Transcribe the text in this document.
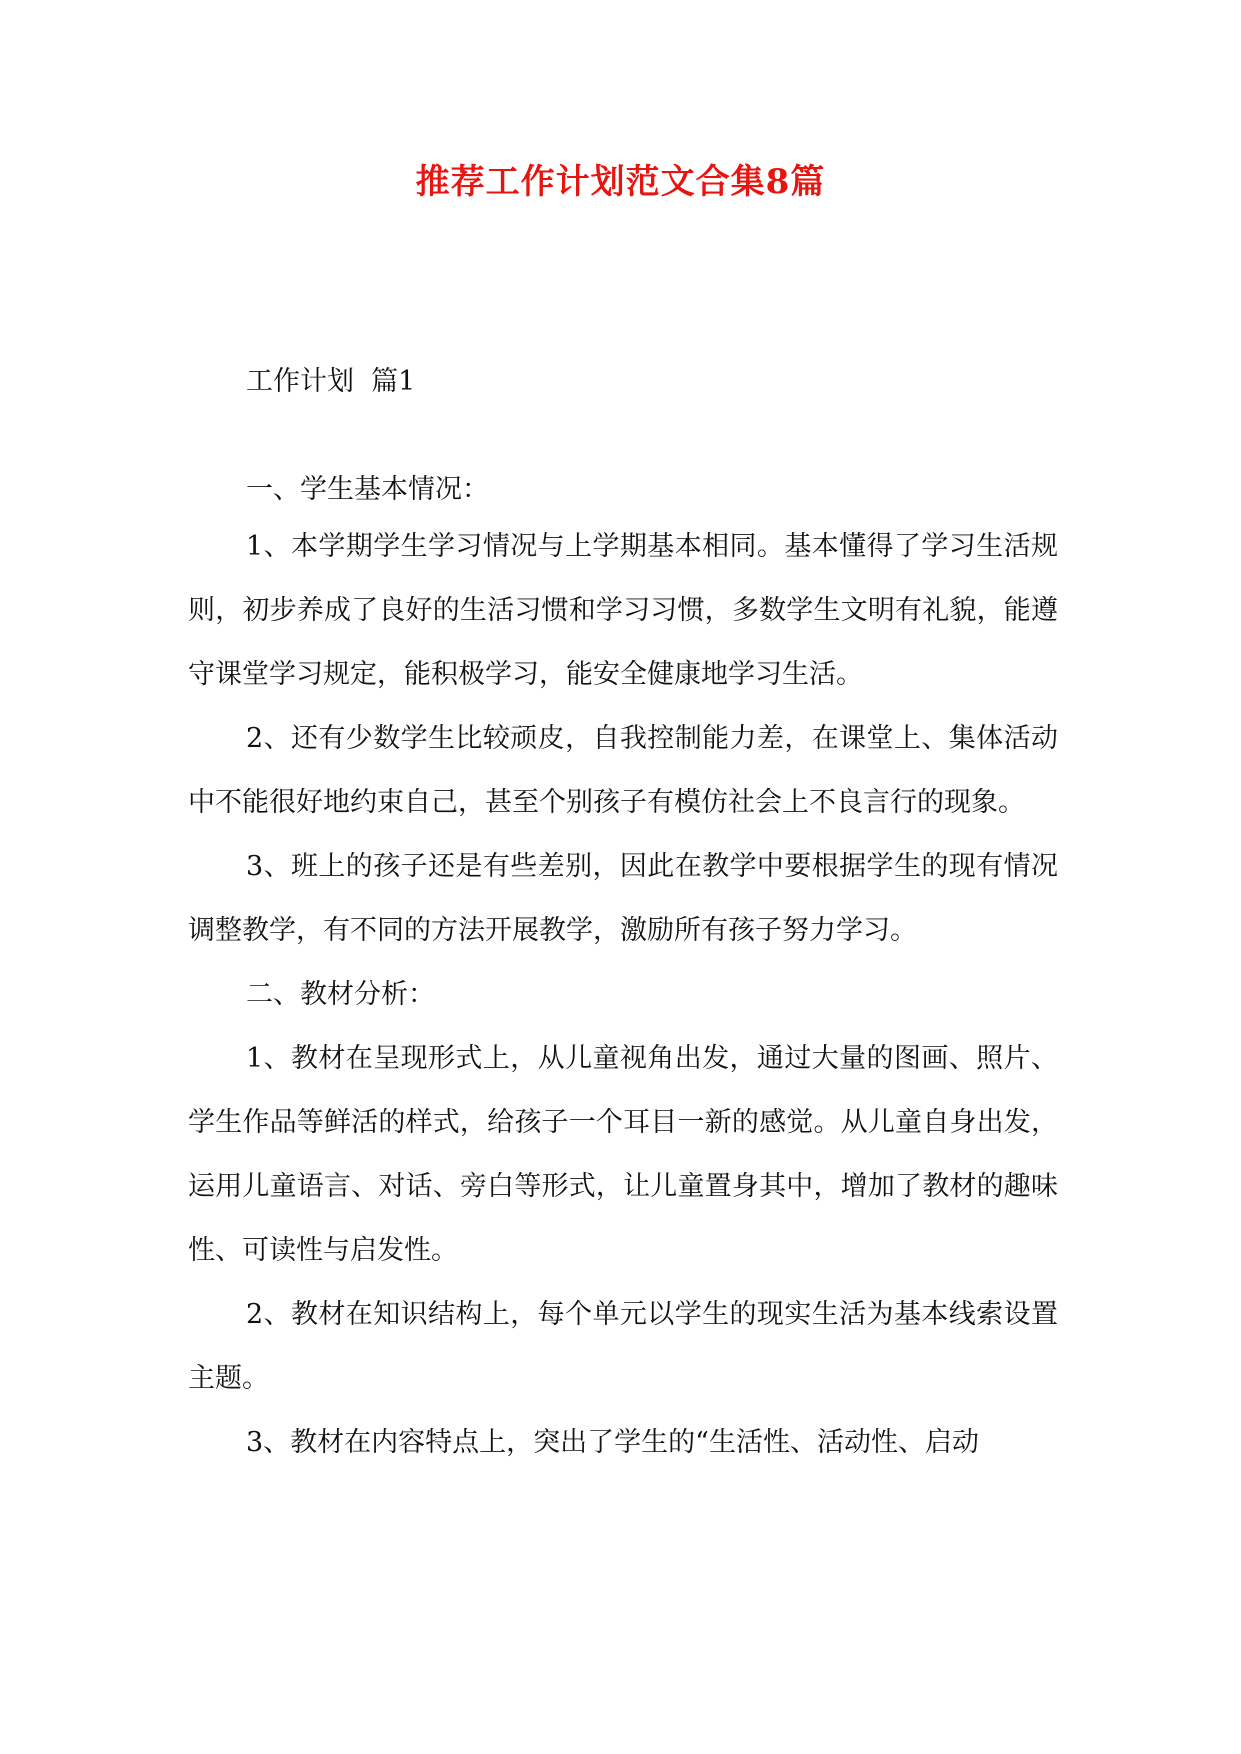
推荐工作计划范文合集8篇

工作计划  篇1

一、学生基本情况：

1、本学期学生学习情况与上学期基本相同。基本懂得了学习生活规则，初步养成了良好的生活习惯和学习习惯，多数学生文明有礼貌，能遵守课堂学习规定，能积极学习，能安全健康地学习生活。

2、还有少数学生比较顽皮，自我控制能力差，在课堂上、集体活动中不能很好地约束自己，甚至个别孩子有模仿社会上不良言行的现象。

3、班上的孩子还是有些差别，因此在教学中要根据学生的现有情况调整教学，有不同的方法开展教学，激励所有孩子努力学习。

二、教材分析：

1、教材在呈现形式上，从儿童视角出发，通过大量的图画、照片、学生作品等鲜活的样式，给孩子一个耳目一新的感觉。从儿童自身出发，运用儿童语言、对话、旁白等形式，让儿童置身其中，增加了教材的趣味性、可读性与启发性。

2、教材在知识结构上，每个单元以学生的现实生活为基本线索设置主题。

3、教材在内容特点上，突出了学生的“生活性、活动性、启动
